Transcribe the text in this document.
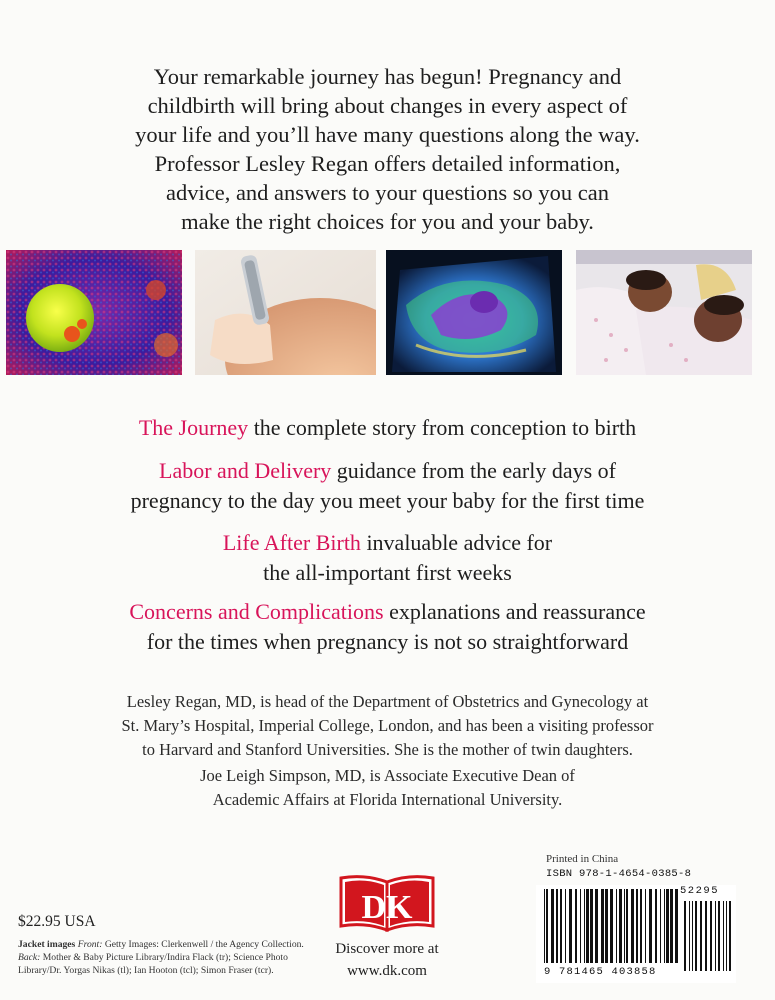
Your remarkable journey has begun! Pregnancy and
childbirth will bring about changes in every aspect of
your life and you’ll have many questions along the way.
Professor Lesley Regan offers detailed information,
advice, and answers to your questions so you can
make the right choices for you and your baby.
The Journey the complete story from conception to birth
Labor and Delivery guidance from the early days of
pregnancy to the day you meet your baby for the first time
Life After Birth invaluable advice for
the all-important first weeks
Concerns and Complications explanations and reassurance
for the times when pregnancy is not so straightforward
Lesley Regan, MD, is head of the Department of Obstetrics and Gynecology at
St. Mary’s Hospital, Imperial College, London, and has been a visiting professor
to Harvard and Stanford Universities. She is the mother of twin daughters.
Joe Leigh Simpson, MD, is Associate Executive Dean of
Academic Affairs at Florida International University.
$22.95 USA
Jacket images Front: Getty Images: Clerkenwell / the Agency Collection. Back: Mother & Baby Picture Library/Indira Flack (tr); Science Photo Library/Dr. Yorgas Nikas (tl); Ian Hooton (tcl); Simon Fraser (tcr).
DK
Discover more at
www.dk.com
Printed in China
ISBN 978-1-4654-0385-8
52295
9 781465 403858
